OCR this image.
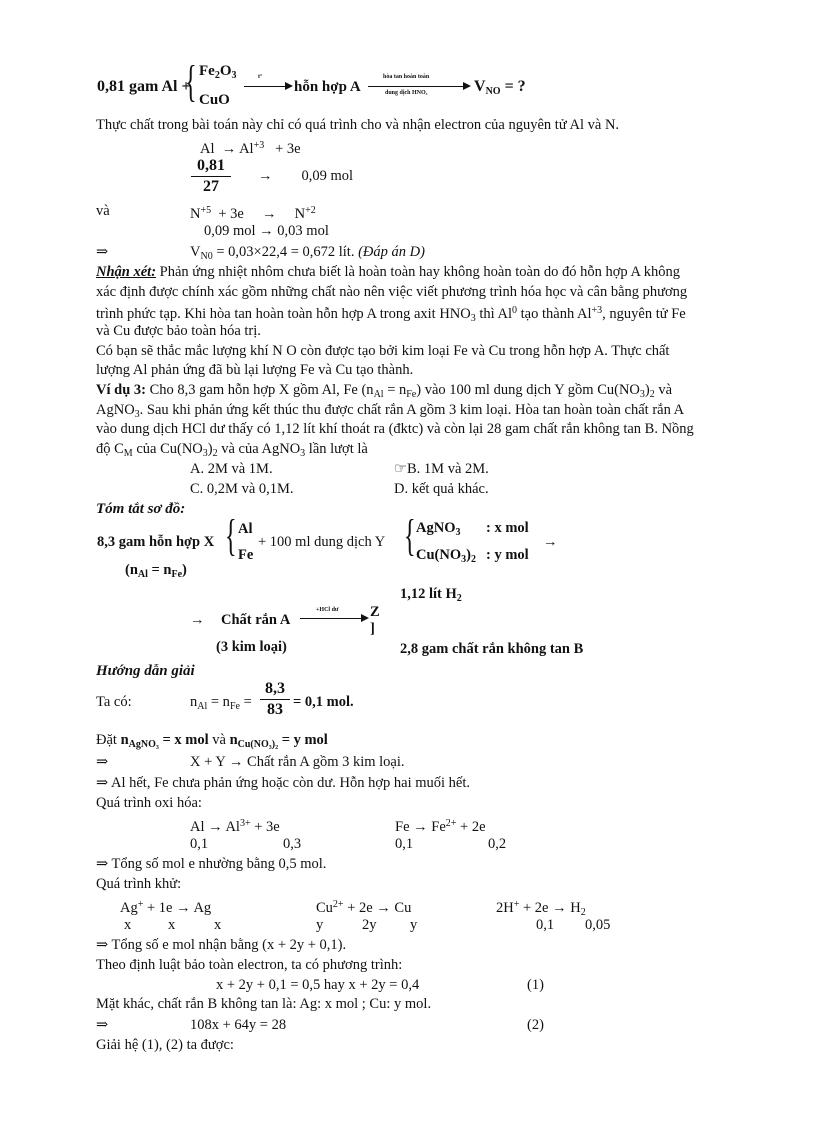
0,81 gam Al +
{ $Fe_2O_3$
CuO
t°
hỗn hợp A
hòa tan hoàn toàn
dung dịch HNO₃	$V_{NO}$ = ?
Thực chất trong bài toán này chỉ có quá trình cho và nhận electron của nguyên tử Al và N.
$Al \to Al^{+3} + 3e$
0,81
27
→ 0,09 mol
và	$N^{+5} + 3e \to N^{+2}$
0,09 mol → 0,03 mol
⇒	$V_{N0} = 0,03\times 22,4 = 0,672$ lít. (Đáp án D)
Nhận xét: Phản ứng nhiệt nhôm chưa biết là hoàn toàn hay không hoàn toàn do đó hỗn hợp A không
xác định được chính xác gồm những chất nào nên việc viết phương trình hóa học và cân bằng phương
trình phức tạp. Khi hòa tan hoàn toàn hỗn hợp A trong axit $HNO_3$ thì Al$^0$ tạo thành $Al^{+3}$, nguyên tử Fe
và Cu được bảo toàn hóa trị.
Có bạn sẽ thắc mắc lượng khí N O còn được tạo bởi kim loại Fe và Cu trong hỗn hợp A. Thực chất
lượng Al phản ứng đã bù lại lượng Fe và Cu tạo thành.
Ví dụ 3: Cho 8,3 gam hỗn hợp X gồm Al, Fe $(n_{Al} = n_{Fe})$ vào 100 ml dung dịch Y gồm $Cu(NO_3)_2$ và
AgNO$_3$. Sau khi phản ứng kết thúc thu được chất rắn A gồm 3 kim loại. Hòa tan hoàn toàn chất rắn A
vào dung dịch HCl dư thấy có 1,12 lít khí thoát ra (đktc) và còn lại 28 gam chất rắn không tan B. Nồng
độ $C_M$ của $Cu(NO_3)_2$ và của AgNO$_3$ lần lượt là
A. 2M và 1M.	☞B. 1M và 2M.
C. 0,2M và 0,1M.	D. kết quả khác.
Tóm tắt sơ đồ:
8,3 gam hỗn hợp X { Al
Fe
+ 100 ml dung dịch Y { AgNO$_3$ : x mol
$Cu(NO_3)_2$ : y mol
→
$(n_{Al} = n_{Fe})$
1,12 lít $H_2$
→ Chất rắn A
+HCl dư Z
]
(3 kim loại)	2,8 gam chất rắn không tan B
Hướng dẫn giải
Ta có:	$n_{Al} = n_{Fe}$ =
8,3
83 = 0,1 mol.
Đặt $n_{AgNO_3} = x$ mol và $n_{Cu(NO_3)_2} = y$ mol
⇒	X + Y → Chất rắn A gồm 3 kim loại.
⇒ Al hết, Fe chưa phản ứng hoặc còn dư. Hỗn hợp hai muối hết.
Quá trình oxi hóa:
$Al \to Al^{3+} + 3e$	$Fe \to Fe^{2+} + 2e$
0,1	0,3	0,1	0,2
⇒ Tổng số mol e nhường bằng 0,5 mol.
Quá trình khử:
Ag+ + 1e → Ag	$Cu^{2+} + 2e \to Cu$	$2H^+ + 2e \to H_2$
x	x	x	y	2y y	0,1 0,05
⇒ Tổng số e mol nhận bằng (x + 2y + 0,1).
Theo định luật bảo toàn electron, ta có phương trình:
x + 2y + 0,1 = 0,5 hay x + 2y = 0,4	(1)
Mặt khác, chất rắn B không tan là: Ag: x mol ; Cu: y mol.
⇒	108x + 64y = 28	(2)
Giải hệ (1), (2) ta được:
